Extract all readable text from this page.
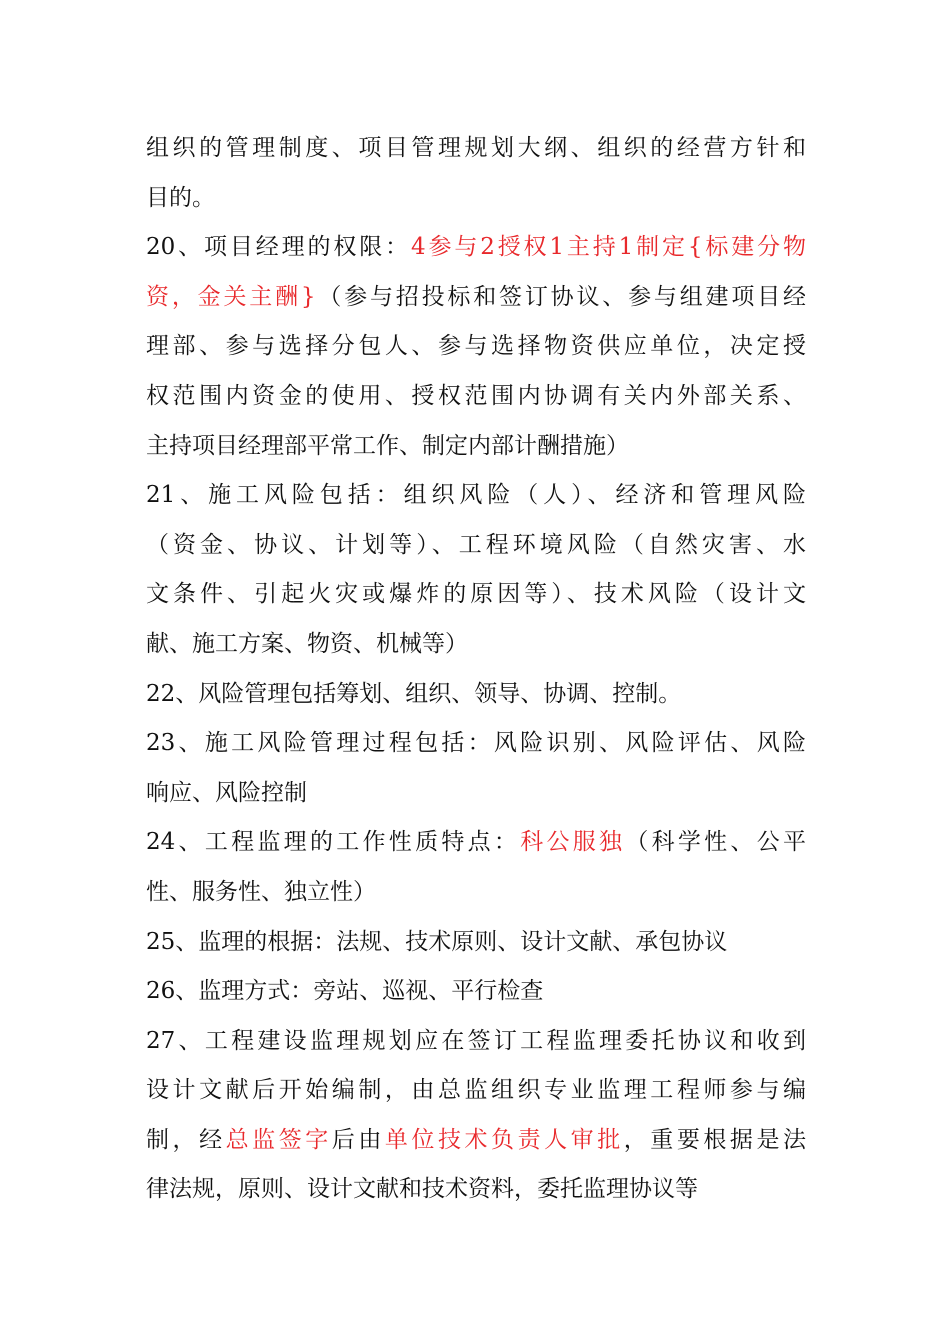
组织的管理制度、项目管理规划大纲、组织的经营方针和
目的。
20、项目经理的权限：4参与2授权1主持1制定{标建分物
资，金关主酬}（参与招投标和签订协议、参与组建项目经
理部、参与选择分包人、参与选择物资供应单位，决定授
权范围内资金的使用、授权范围内协调有关内外部关系、
主持项目经理部平常工作、制定内部计酬措施）
21、施工风险包括：组织风险（人）、经济和管理风险
（资金、协议、计划等）、工程环境风险（自然灾害、水
文条件、引起火灾或爆炸的原因等）、技术风险（设计文
献、施工方案、物资、机械等）
22、风险管理包括筹划、组织、领导、协调、控制。
23、施工风险管理过程包括：风险识别、风险评估、风险
响应、风险控制
24、工程监理的工作性质特点：科公服独（科学性、公平
性、服务性、独立性）
25、监理的根据：法规、技术原则、设计文献、承包协议
26、监理方式：旁站、巡视、平行检查
27、工程建设监理规划应在签订工程监理委托协议和收到
设计文献后开始编制，由总监组织专业监理工程师参与编
制，经总监签字后由单位技术负责人审批，重要根据是法
律法规，原则、设计文献和技术资料，委托监理协议等
